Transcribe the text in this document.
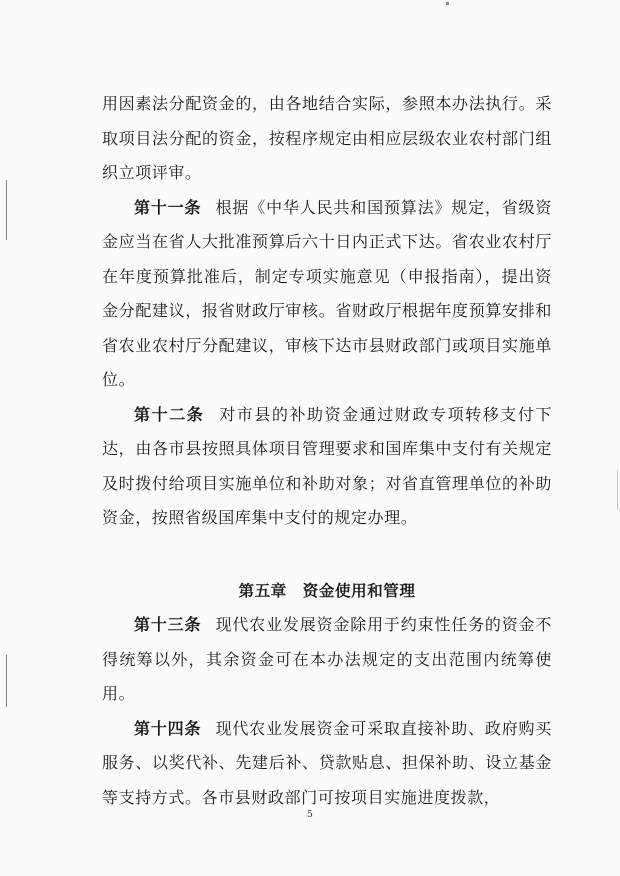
用因素法分配资金的，由各地结合实际，参照本办法执行。采取项目法分配的资金，按程序规定由相应层级农业农村部门组织立项评审。

第十一条 根据《中华人民共和国预算法》规定，省级资金应当在省人大批准预算后六十日内正式下达。省农业农村厅在年度预算批准后，制定专项实施意见（申报指南），提出资金分配建议，报省财政厅审核。省财政厅根据年度预算安排和省农业农村厅分配建议，审核下达市县财政部门或项目实施单位。

第十二条 对市县的补助资金通过财政专项转移支付下达，由各市县按照具体项目管理要求和国库集中支付有关规定及时拨付给项目实施单位和补助对象；对省直管理单位的补助资金，按照省级国库集中支付的规定办理。

第五章 资金使用和管理

第十三条 现代农业发展资金除用于约束性任务的资金不得统筹以外，其余资金可在本办法规定的支出范围内统筹使用。

第十四条 现代农业发展资金可采取直接补助、政府购买服务、以奖代补、先建后补、贷款贴息、担保补助、设立基金等支持方式。各市县财政部门可按项目实施进度拨款，

5
